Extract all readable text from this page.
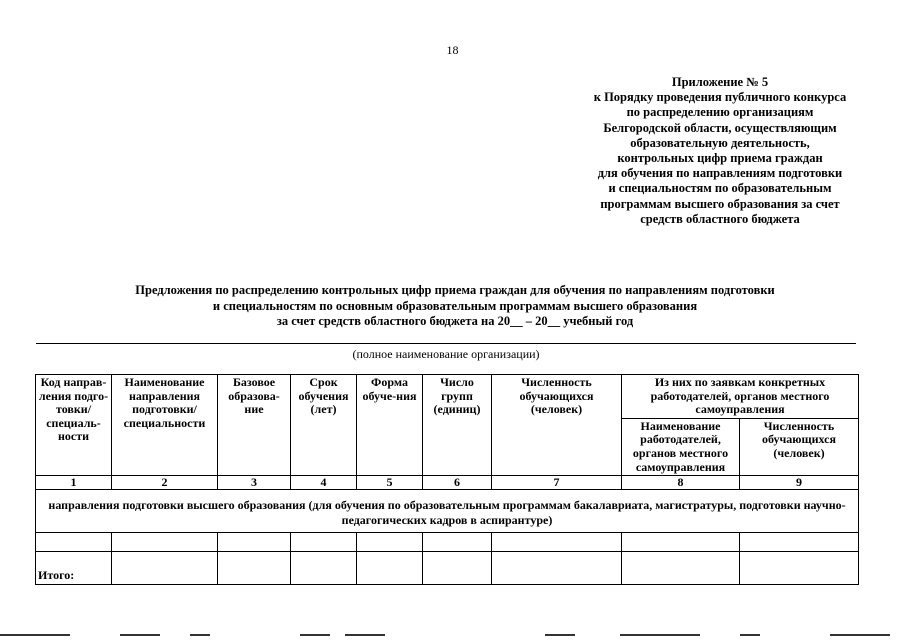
18
Приложение № 5
к Порядку проведения публичного конкурса
по распределению организациям
Белгородской области, осуществляющим
образовательную деятельность,
контрольных цифр приема граждан
для обучения по направлениям подготовки
и специальностям по образовательным
программам высшего образования за счет
средств областного бюджета
Предложения по распределению контрольных цифр приема граждан для обучения по направлениям подготовки
и специальностям по основным образовательным программам высшего образования
за счет средств областного бюджета на 20__ – 20__ учебный год
(полное наименование организации)
Код направ-ления подго-товки/ специаль-ности	Наименование направления подготовки/ специальности	Базовое образова-ние	Срок обучения (лет)	Форма обуче-ния	Число групп (единиц)	Численность обучающихся (человек)	Из них по заявкам конкретных работодателей, органов местного самоуправления	
							Наименование работодателей, органов местного самоуправления	Численность обучающихся (человек)
1	2	3	4	5	6	7	8	9
направления подготовки высшего образования (для обучения по образовательным программам бакалавриата, магистратуры, подготовки научно-педагогических кадров в аспирантуре)								

Итого:								
